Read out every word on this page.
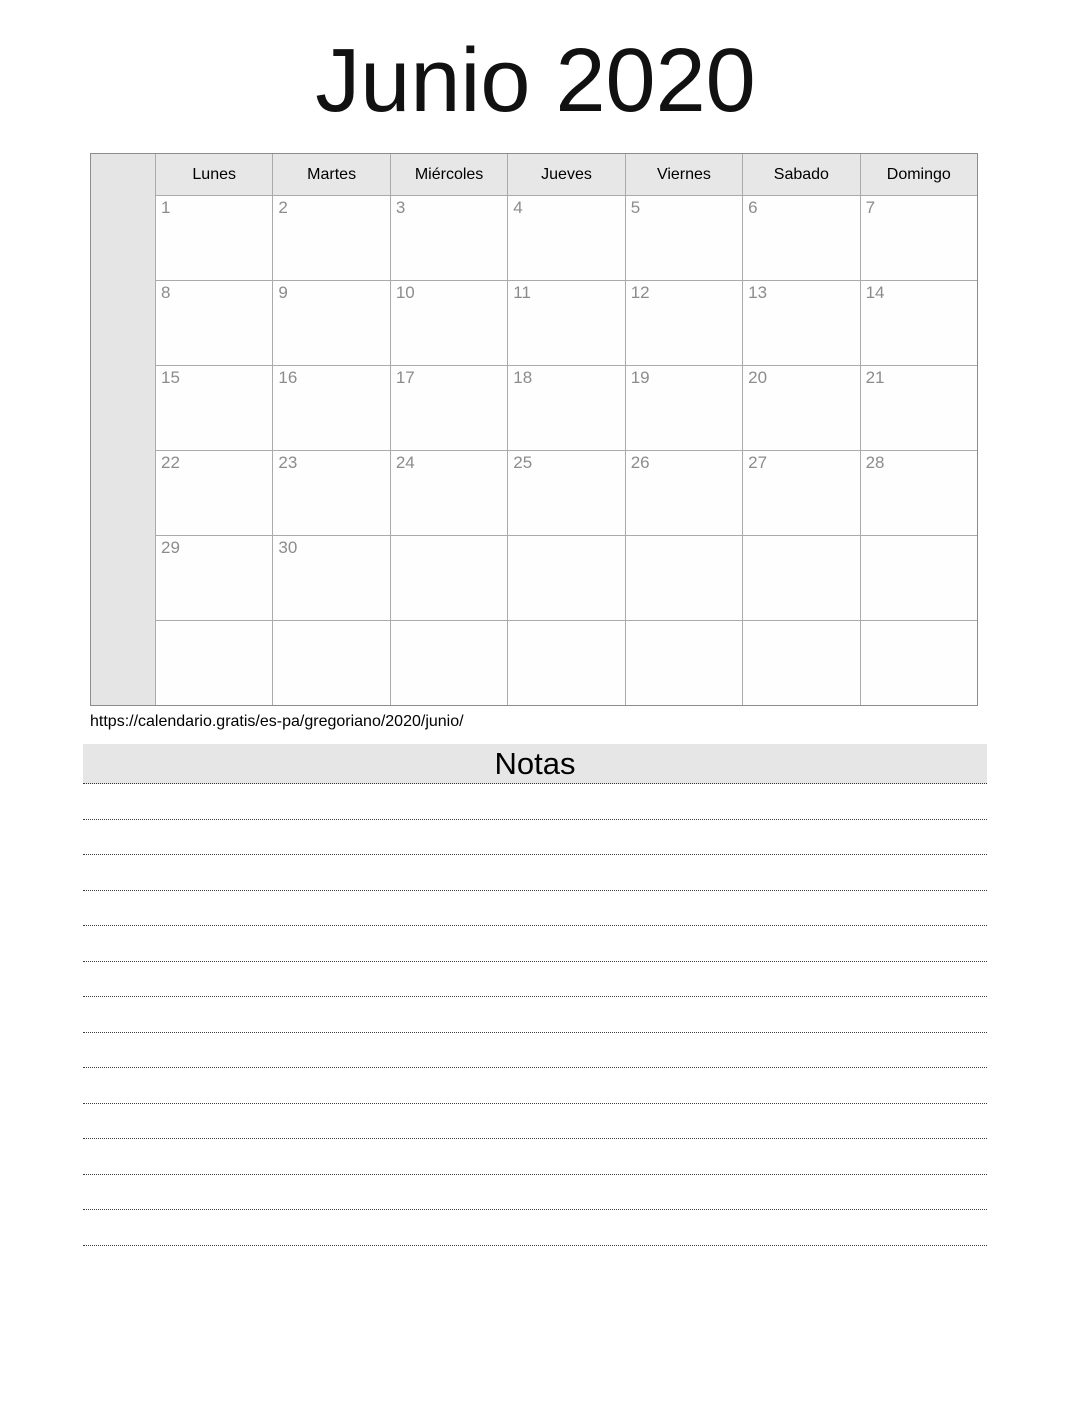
Junio 2020
Lunes	Martes	Miércoles	Jueves	Viernes	Sabado	Domingo
1	2	3	4	5	6	7
8	9	10	11	12	13	14
15	16	17	18	19	20	21
22	23	24	25	26	27	28
29	30
https://calendario.gratis/es-pa/gregoriano/2020/junio/
Notas
